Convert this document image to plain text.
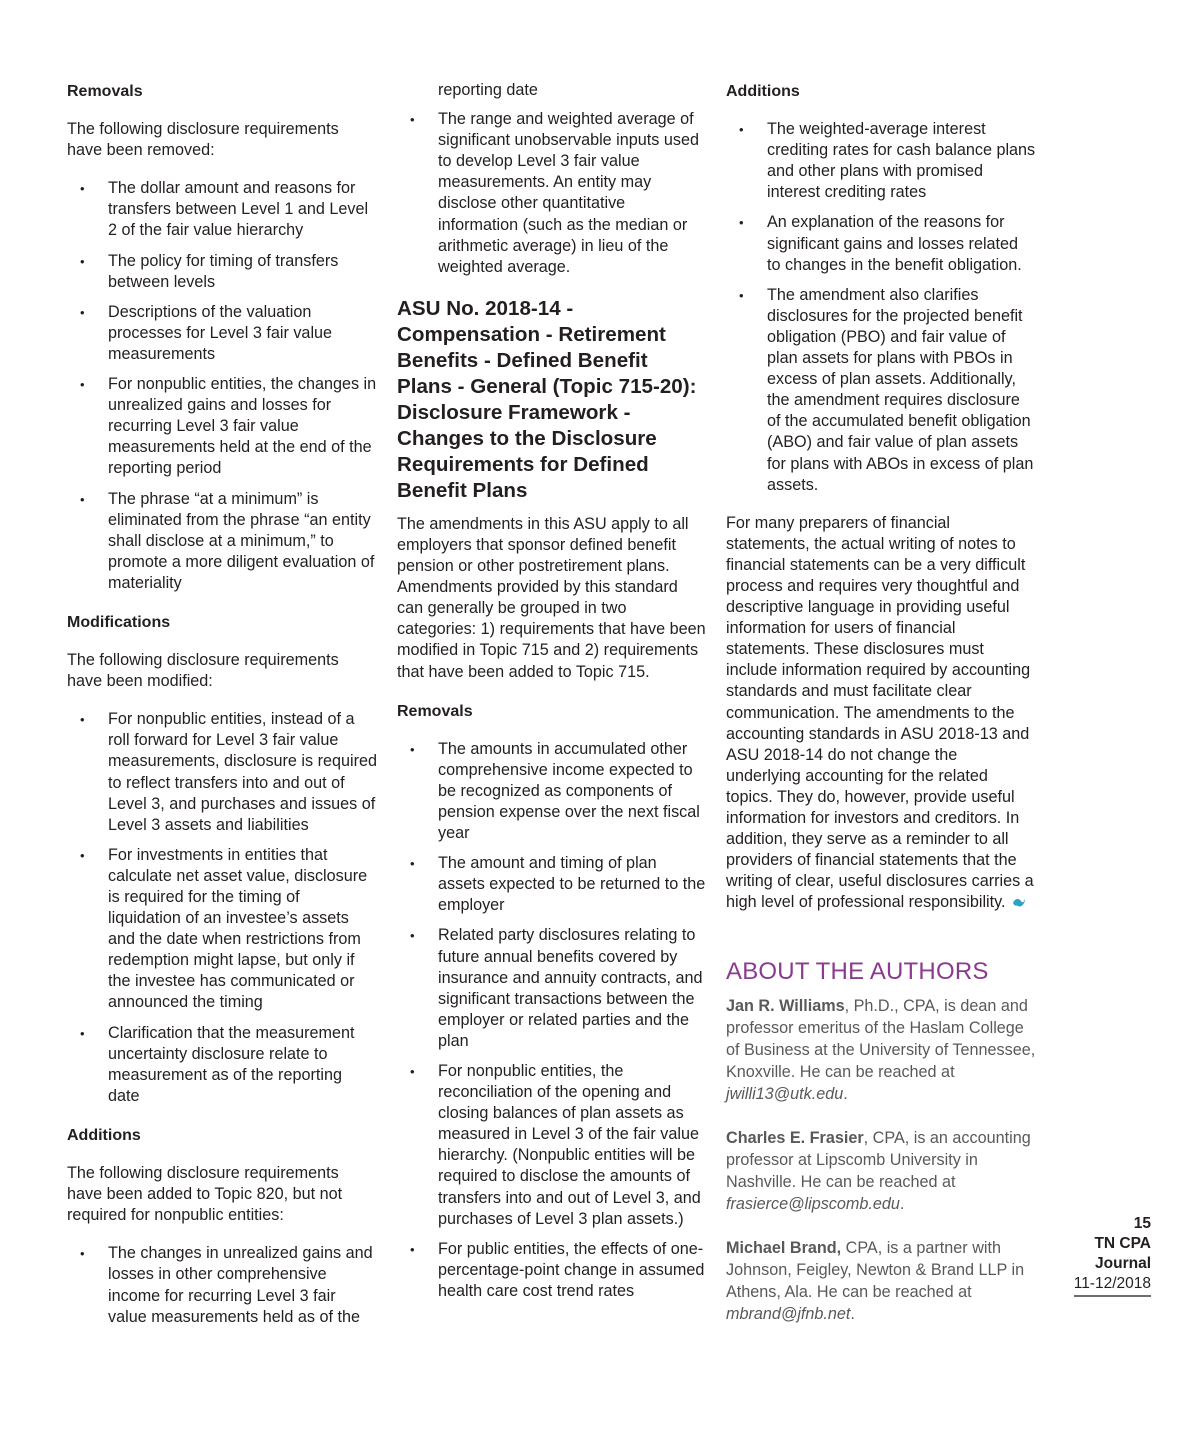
Removals

The following disclosure requirements have been removed:

• The dollar amount and reasons for transfers between Level 1 and Level 2 of the fair value hierarchy
• The policy for timing of transfers between levels
• Descriptions of the valuation processes for Level 3 fair value measurements
• For nonpublic entities, the changes in unrealized gains and losses for recurring Level 3 fair value measurements held at the end of the reporting period
• The phrase “at a minimum” is eliminated from the phrase “an entity shall disclose at a minimum,” to promote a more diligent evaluation of materiality

Modifications

The following disclosure requirements have been modified:

• For nonpublic entities, instead of a roll forward for Level 3 fair value measurements, disclosure is required to reflect transfers into and out of Level 3, and purchases and issues of Level 3 assets and liabilities
• For investments in entities that calculate net asset value, disclosure is required for the timing of liquidation of an investee’s assets and the date when restrictions from redemption might lapse, but only if the investee has communicated or announced the timing
• Clarification that the measurement uncertainty disclosure relate to measurement as of the reporting date

Additions

The following disclosure requirements have been added to Topic 820, but not required for nonpublic entities:

• The changes in unrealized gains and losses in other comprehensive income for recurring Level 3 fair value measurements held as of the

reporting date

• The range and weighted average of significant unobservable inputs used to develop Level 3 fair value measurements. An entity may disclose other quantitative information (such as the median or arithmetic average) in lieu of the weighted average.
ASU No. 2018-14 - Compensation - Retirement Benefits - Defined Benefit Plans - General (Topic 715-20): Disclosure Framework - Changes to the Disclosure Requirements for Defined Benefit Plans

The amendments in this ASU apply to all employers that sponsor defined benefit pension or other postretirement plans. Amendments provided by this standard can generally be grouped in two categories: 1) requirements that have been modified in Topic 715 and 2) requirements that have been added to Topic 715.

Removals

• The amounts in accumulated other comprehensive income expected to be recognized as components of pension expense over the next fiscal year
• The amount and timing of plan assets expected to be returned to the employer
• Related party disclosures relating to future annual benefits covered by insurance and annuity contracts, and significant transactions between the employer or related parties and the plan
• For nonpublic entities, the reconciliation of the opening and closing balances of plan assets as measured in Level 3 of the fair value hierarchy. (Nonpublic entities will be required to disclose the amounts of transfers into and out of Level 3, and purchases of Level 3 plan assets.)
• For public entities, the effects of one-percentage-point change in assumed health care cost trend rates

Additions

• The weighted-average interest crediting rates for cash balance plans and other plans with promised interest crediting rates
• An explanation of the reasons for significant gains and losses related to changes in the benefit obligation.
• The amendment also clarifies disclosures for the projected benefit obligation (PBO) and fair value of plan assets for plans with PBOs in excess of plan assets. Additionally, the amendment requires disclosure of the accumulated benefit obligation (ABO) and fair value of plan assets for plans with ABOs in excess of plan assets.

For many preparers of financial statements, the actual writing of notes to financial statements can be a very difficult process and requires very thoughtful and descriptive language in providing useful information for users of financial statements. These disclosures must include information required by accounting standards and must facilitate clear communication. The amendments to the accounting standards in ASU 2018-13 and ASU 2018-14 do not change the underlying accounting for the related topics. They do, however, provide useful information for investors and creditors. In addition, they serve as a reminder to all providers of financial statements that the writing of clear, useful disclosures carries a high level of professional responsibility.

ABOUT THE AUTHORS

Jan R. Williams, Ph.D., CPA, is dean and professor emeritus of the Haslam College of Business at the University of Tennessee, Knoxville. He can be reached at jwilli13@utk.edu.

Charles E. Frasier, CPA, is an accounting professor at Lipscomb University in Nashville. He can be reached at frasierce@lipscomb.edu.

Michael Brand, CPA, is a partner with Johnson, Feigley, Newton & Brand LLP in Athens, Ala. He can be reached at mbrand@jfnb.net.

15
TN CPA
Journal
11-12/2018
